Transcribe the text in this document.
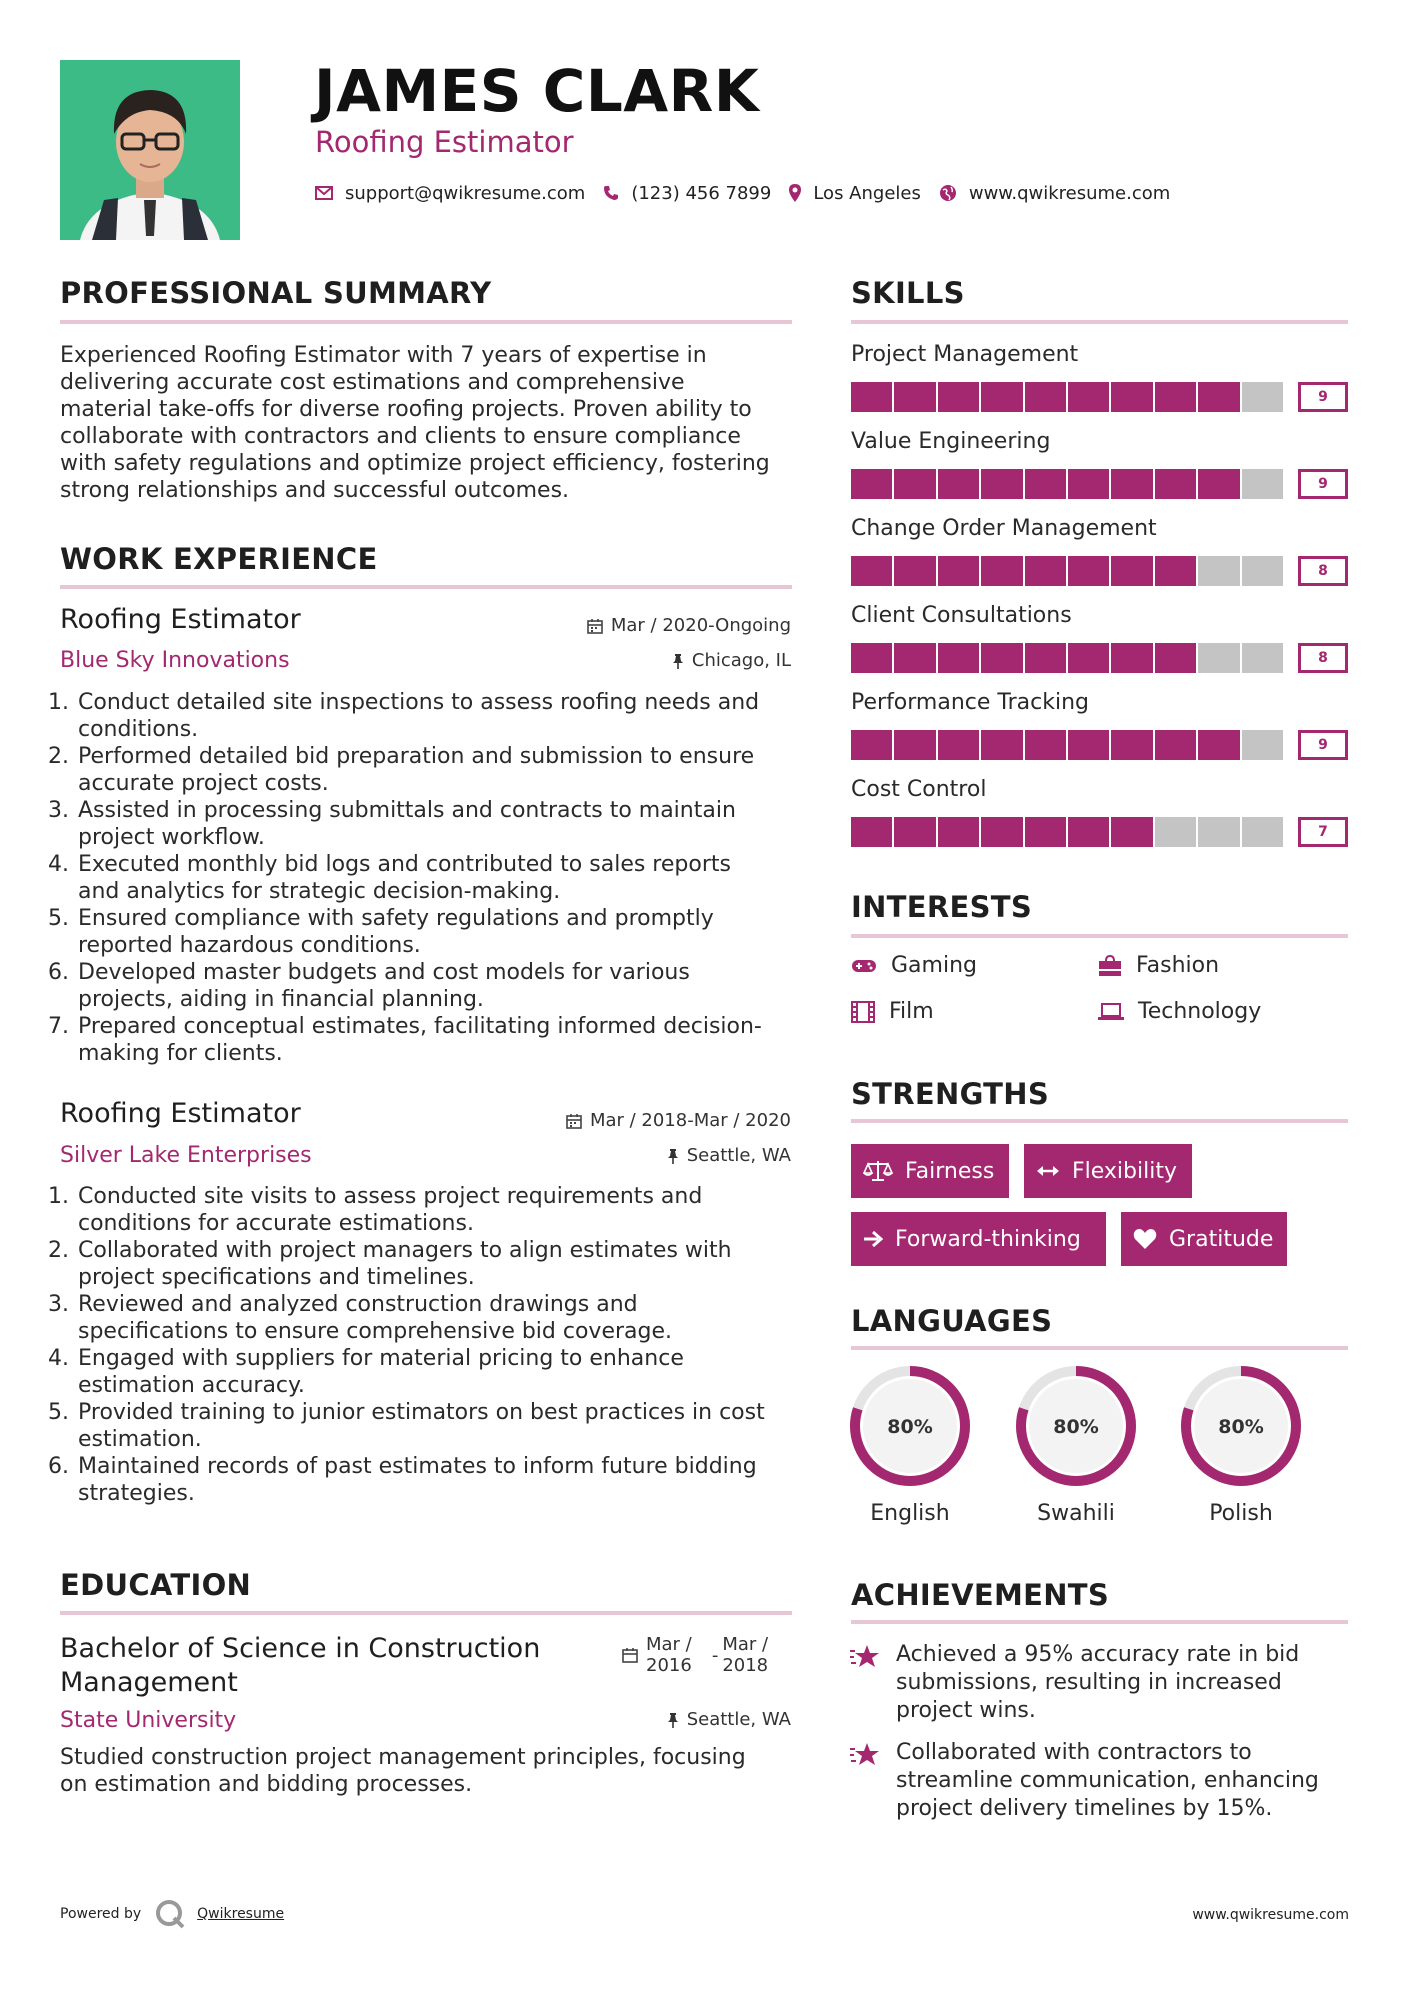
JAMES CLARK
Roofing Estimator
support@qwikresume.com	(123) 456 7899 Los Angeles	www.qwikresume.com
PROFESSIONAL SUMMARY
Experienced Roofing Estimator with 7 years of expertise in
delivering accurate cost estimations and comprehensive
material take-offs for diverse roofing projects. Proven ability to
collaborate with contractors and clients to ensure compliance
with safety regulations and optimize project efficiency, fostering
strong relationships and successful outcomes.
WORK EXPERIENCE
Roofing Estimator	Mar / 2020-Ongoing
Blue Sky Innovations	Chicago, IL
1. Conduct detailed site inspections to assess roofing needs and
conditions.
2. Performed detailed bid preparation and submission to ensure
accurate project costs.
3. Assisted in processing submittals and contracts to maintain
project workflow.
4. Executed monthly bid logs and contributed to sales reports
and analytics for strategic decision-making.
5. Ensured compliance with safety regulations and promptly
reported hazardous conditions.
6. Developed master budgets and cost models for various
projects, aiding in financial planning.
7. Prepared conceptual estimates, facilitating informed decision-
making for clients.
Roofing Estimator	Mar / 2018-Mar / 2020
Silver Lake Enterprises	Seattle, WA
1. Conducted site visits to assess project requirements and
conditions for accurate estimations.
2. Collaborated with project managers to align estimates with
project specifications and timelines.
3. Reviewed and analyzed construction drawings and
specifications to ensure comprehensive bid coverage.
4. Engaged with suppliers for material pricing to enhance
estimation accuracy.
5. Provided training to junior estimators on best practices in cost
estimation.
6. Maintained records of past estimates to inform future bidding
strategies.
EDUCATION
Bachelor of Science in Construction
Management
Mar /
2016 - Mar /
2018
State University	Seattle, WA
Studied construction project management principles, focusing
on estimation and bidding processes.
SKILLS
Project Management
9
Value Engineering
9
Change Order Management
8
Client Consultations
8
Performance Tracking
9
Cost Control
7
INTERESTS
Gaming	Fashion
Film	Technology
STRENGTHS
Fairness	Flexibility
Forward-thinking	Gratitude
LANGUAGES
80%
English
80%
Swahili
80%
Polish
ACHIEVEMENTS
Achieved a 95% accuracy rate in bid
submissions, resulting in increased
project wins.
Collaborated with contractors to
streamline communication, enhancing
project delivery timelines by 15%.
Powered by	Qwikresume	www.qwikresume.com
